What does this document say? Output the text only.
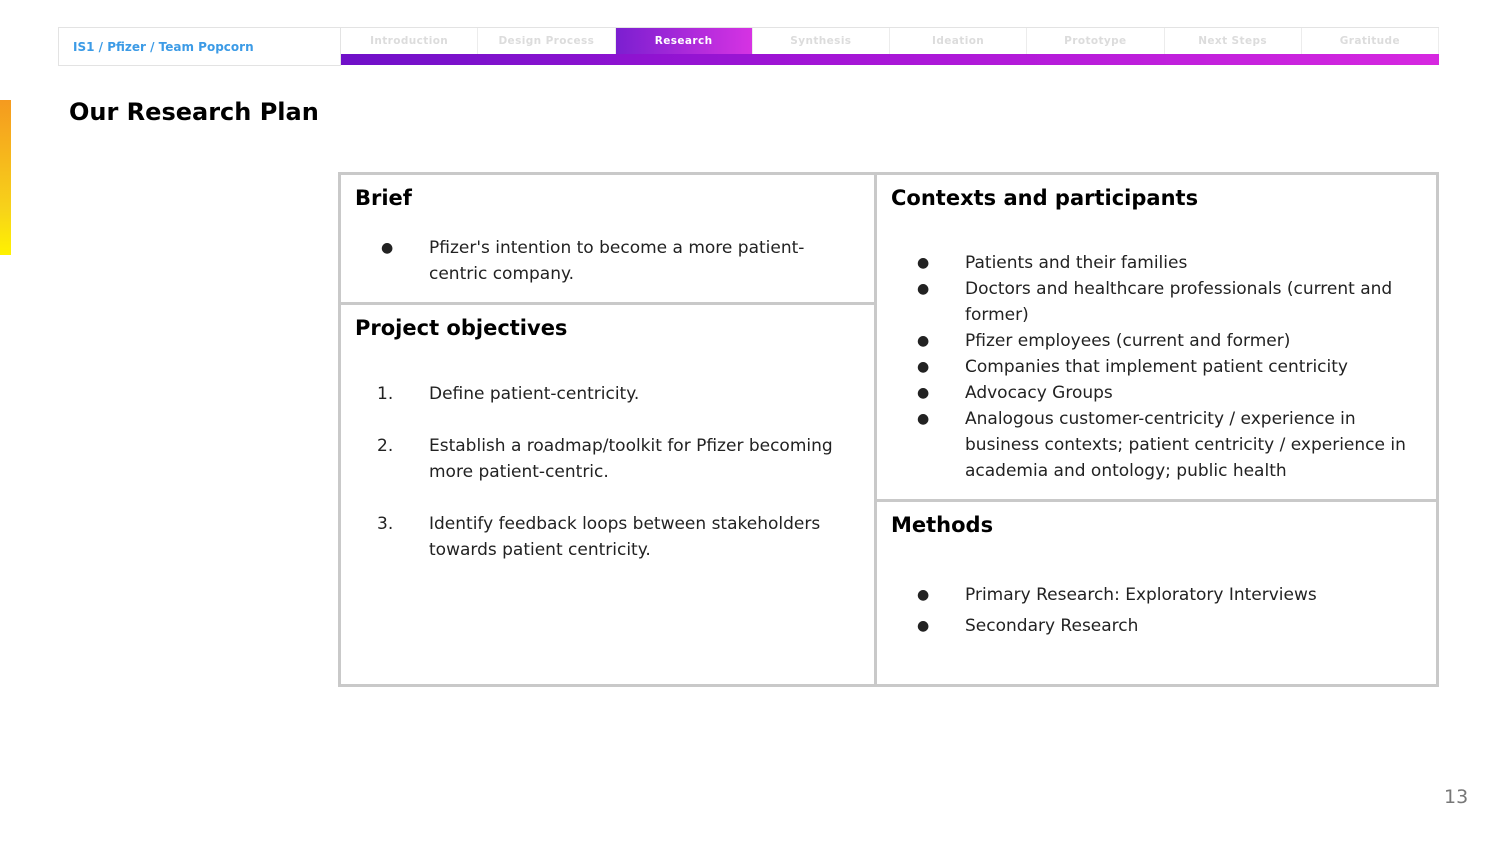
IS1 / Pfizer / Team Popcorn	Introduction	Design Process	Research	Synthesis	Ideation	Prototype	Next Steps	Gratitude
Our Research Plan
Brief
● Pfizer's intention to become a more patient-centric company.
Project objectives
1. Define patient-centricity.
2. Establish a roadmap/toolkit for Pfizer becoming more patient-centric.
3. Identify feedback loops between stakeholders towards patient centricity.
Contexts and participants
● Patients and their families
● Doctors and healthcare professionals (current and former)
● Pfizer employees (current and former)
● Companies that implement patient centricity
● Advocacy Groups
● Analogous customer-centricity / experience in business contexts; patient centricity / experience in academia and ontology; public health
Methods
● Primary Research: Exploratory Interviews
● Secondary Research
13
